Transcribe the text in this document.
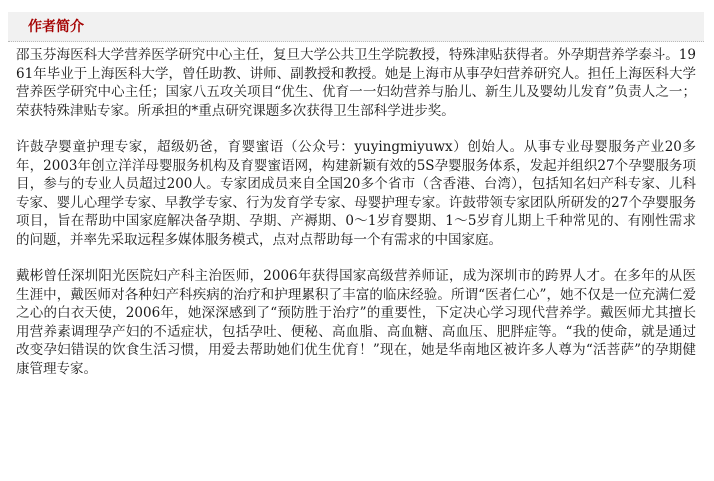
作者简介

邵玉芬海医科大学营养医学研究中心主任，复旦大学公共卫生学院教授，特殊津贴获得者。外孕期营养学泰斗。1961年毕业于上海医科大学，曾任助教、讲师、副教授和教授。她是上海市从事孕妇营养研究人。担任上海医科大学营养医学研究中心主任；国家八五攻关项目“优生、优育一一妇幼营养与胎儿、新生儿及婴幼儿发育”负责人之一；荣获特殊津贴专家。所承担的*重点研究课题多次获得卫生部科学进步奖。

许鼓孕婴童护理专家，超级奶爸，育婴蜜语（公众号：yuyingmiyuwx）创始人。从事专业母婴服务产业20多年，2003年创立洋洋母婴服务机构及育婴蜜语网，构建新颖有效的5S孕婴服务体系，发起并组织27个孕婴服务项目，参与的专业人员超过200人。专家团成员来自全国20多个省市（含香港、台湾），包括知名妇产科专家、儿科专家、婴儿心理学专家、早教学专家、行为发育学专家、母婴护理专家。许鼓带领专家团队所研发的27个孕婴服务项目，旨在帮助中国家庭解决备孕期、孕期、产褥期、0～1岁育婴期、1～5岁育儿期上千种常见的、有刚性需求的问题，并率先采取远程多媒体服务模式，点对点帮助每一个有需求的中国家庭。

戴彬曾任深圳阳光医院妇产科主治医师，2006年获得国家高级营养师证，成为深圳市的跨界人才。在多年的从医生涯中，戴医师对各种妇产科疾病的治疗和护理累积了丰富的临床经验。所谓“医者仁心”，她不仅是一位充满仁爱之心的白衣天使，2006年，她深深感到了“预防胜于治疗”的重要性，下定决心学习现代营养学。戴医师尤其擅长用营养素调理孕产妇的不适症状，包括孕吐、便秘、高血脂、高血糖、高血压、肥胖症等。“我的使命，就是通过改变孕妇错误的饮食生活习惯，用爱去帮助她们优生优育！”现在，她是华南地区被许多人尊为“活菩萨”的孕期健康管理专家。
